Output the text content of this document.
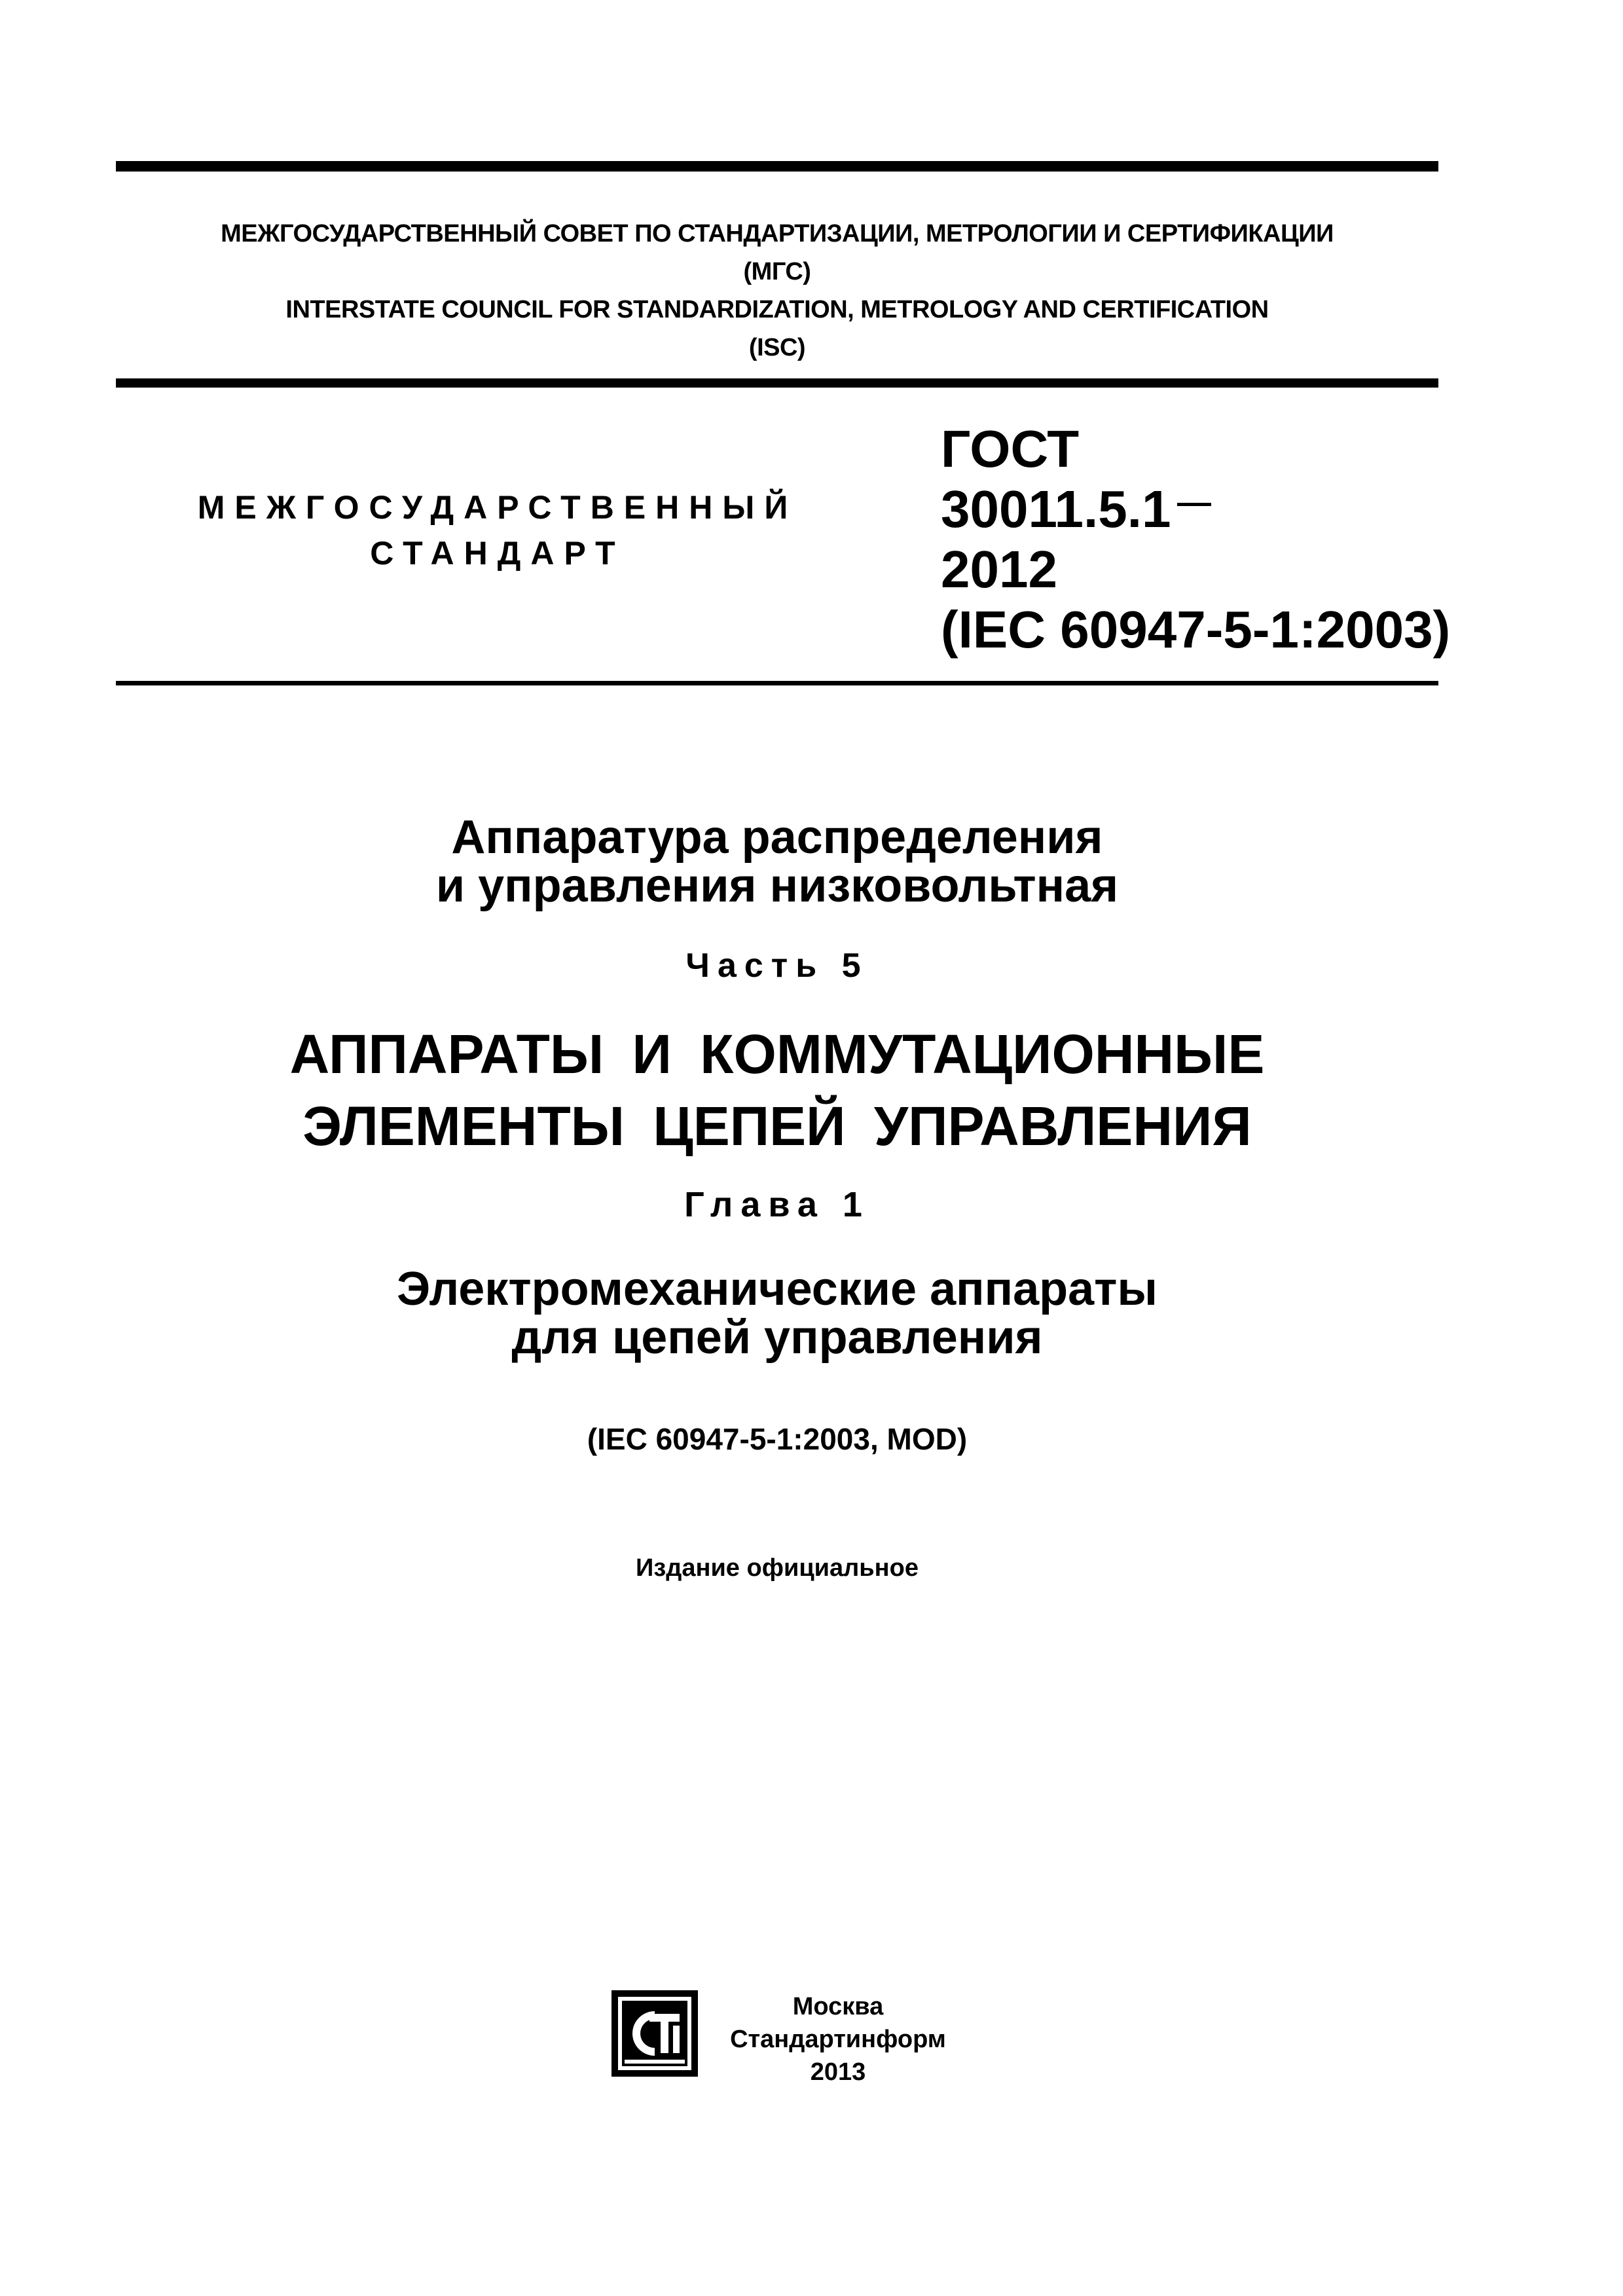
МЕЖГОСУДАРСТВЕННЫЙ СОВЕТ ПО СТАНДАРТИЗАЦИИ, МЕТРОЛОГИИ И СЕРТИФИКАЦИИ
(МГС)
INTERSTATE COUNCIL FOR STANDARDIZATION, METROLOGY AND CERTIFICATION
(ISC)
МЕЖГОСУДАРСТВЕННЫЙ
СТАНДАРТ
ГОСТ
30011.5.1
2012
(IEC 60947-5-1:2003)
Аппаратура распределения
и управления низковольтная
Часть 5
АППАРАТЫ И КОММУТАЦИОННЫЕ
ЭЛЕМЕНТЫ ЦЕПЕЙ УПРАВЛЕНИЯ
Глава 1
Электромеханические аппараты
для цепей управления
(IEC 60947-5-1:2003, MOD)
Издание официальное
Москва
Стандартинформ
2013
